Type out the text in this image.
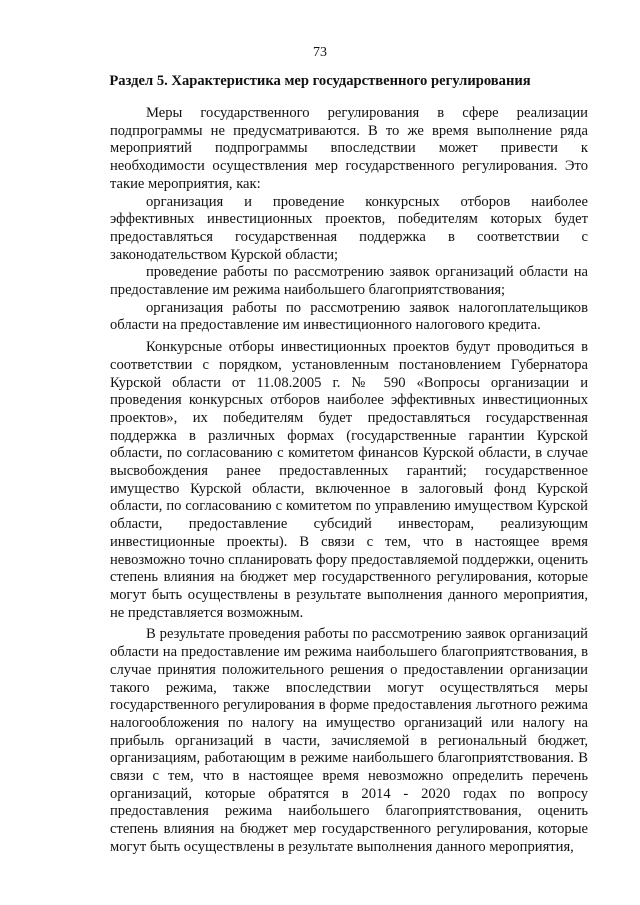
73
Раздел 5. Характеристика мер государственного регулирования

Меры государственного регулирования в сфере реализации подпрограммы не предусматриваются. В то же время выполнение ряда мероприятий подпрограммы впоследствии может привести к необходимости осуществления мер государственного регулирования. Это такие мероприятия, как:

организация и проведение конкурсных отборов наиболее эффективных инвестиционных проектов, победителям которых будет предоставляться государственная поддержка в соответствии с законодательством Курской области;

проведение работы по рассмотрению заявок организаций области на предоставление им режима наибольшего благоприятствования;

организация работы по рассмотрению заявок налогоплательщиков области на предоставление им инвестиционного налогового кредита.

Конкурсные отборы инвестиционных проектов будут проводиться в соответствии с порядком, установленным постановлением Губернатора Курской области от 11.08.2005 г. № 590 «Вопросы организации и проведения конкурсных отборов наиболее эффективных инвестиционных проектов», их победителям будет предоставляться государственная поддержка в различных формах (государственные гарантии Курской области, по согласованию с комитетом финансов Курской области, в случае высвобождения ранее предоставленных гарантий; государственное имущество Курской области, включенное в залоговый фонд Курской области, по согласованию с комитетом по управлению имуществом Курской области, предоставление субсидий инвесторам, реализующим инвестиционные проекты). В связи с тем, что в настоящее время невозможно точно спланировать фору предоставляемой поддержки, оценить степень влияния на бюджет мер государственного регулирования, которые могут быть осуществлены в результате выполнения данного мероприятия, не представляется возможным.

В результате проведения работы по рассмотрению заявок организаций области на предоставление им режима наибольшего благоприятствования, в случае принятия положительного решения о предоставлении организации такого режима, также впоследствии могут осуществляться меры государственного регулирования в форме предоставления льготного режима налогообложения по налогу на имущество организаций или налогу на прибыль организаций в части, зачисляемой в региональный бюджет, организациям, работающим в режиме наибольшего благоприятствования. В связи с тем, что в настоящее время невозможно определить перечень организаций, которые обратятся в 2014 - 2020 годах по вопросу предоставления режима наибольшего благоприятствования, оценить степень влияния на бюджет мер государственного регулирования, которые могут быть осуществлены в результате выполнения данного мероприятия,
